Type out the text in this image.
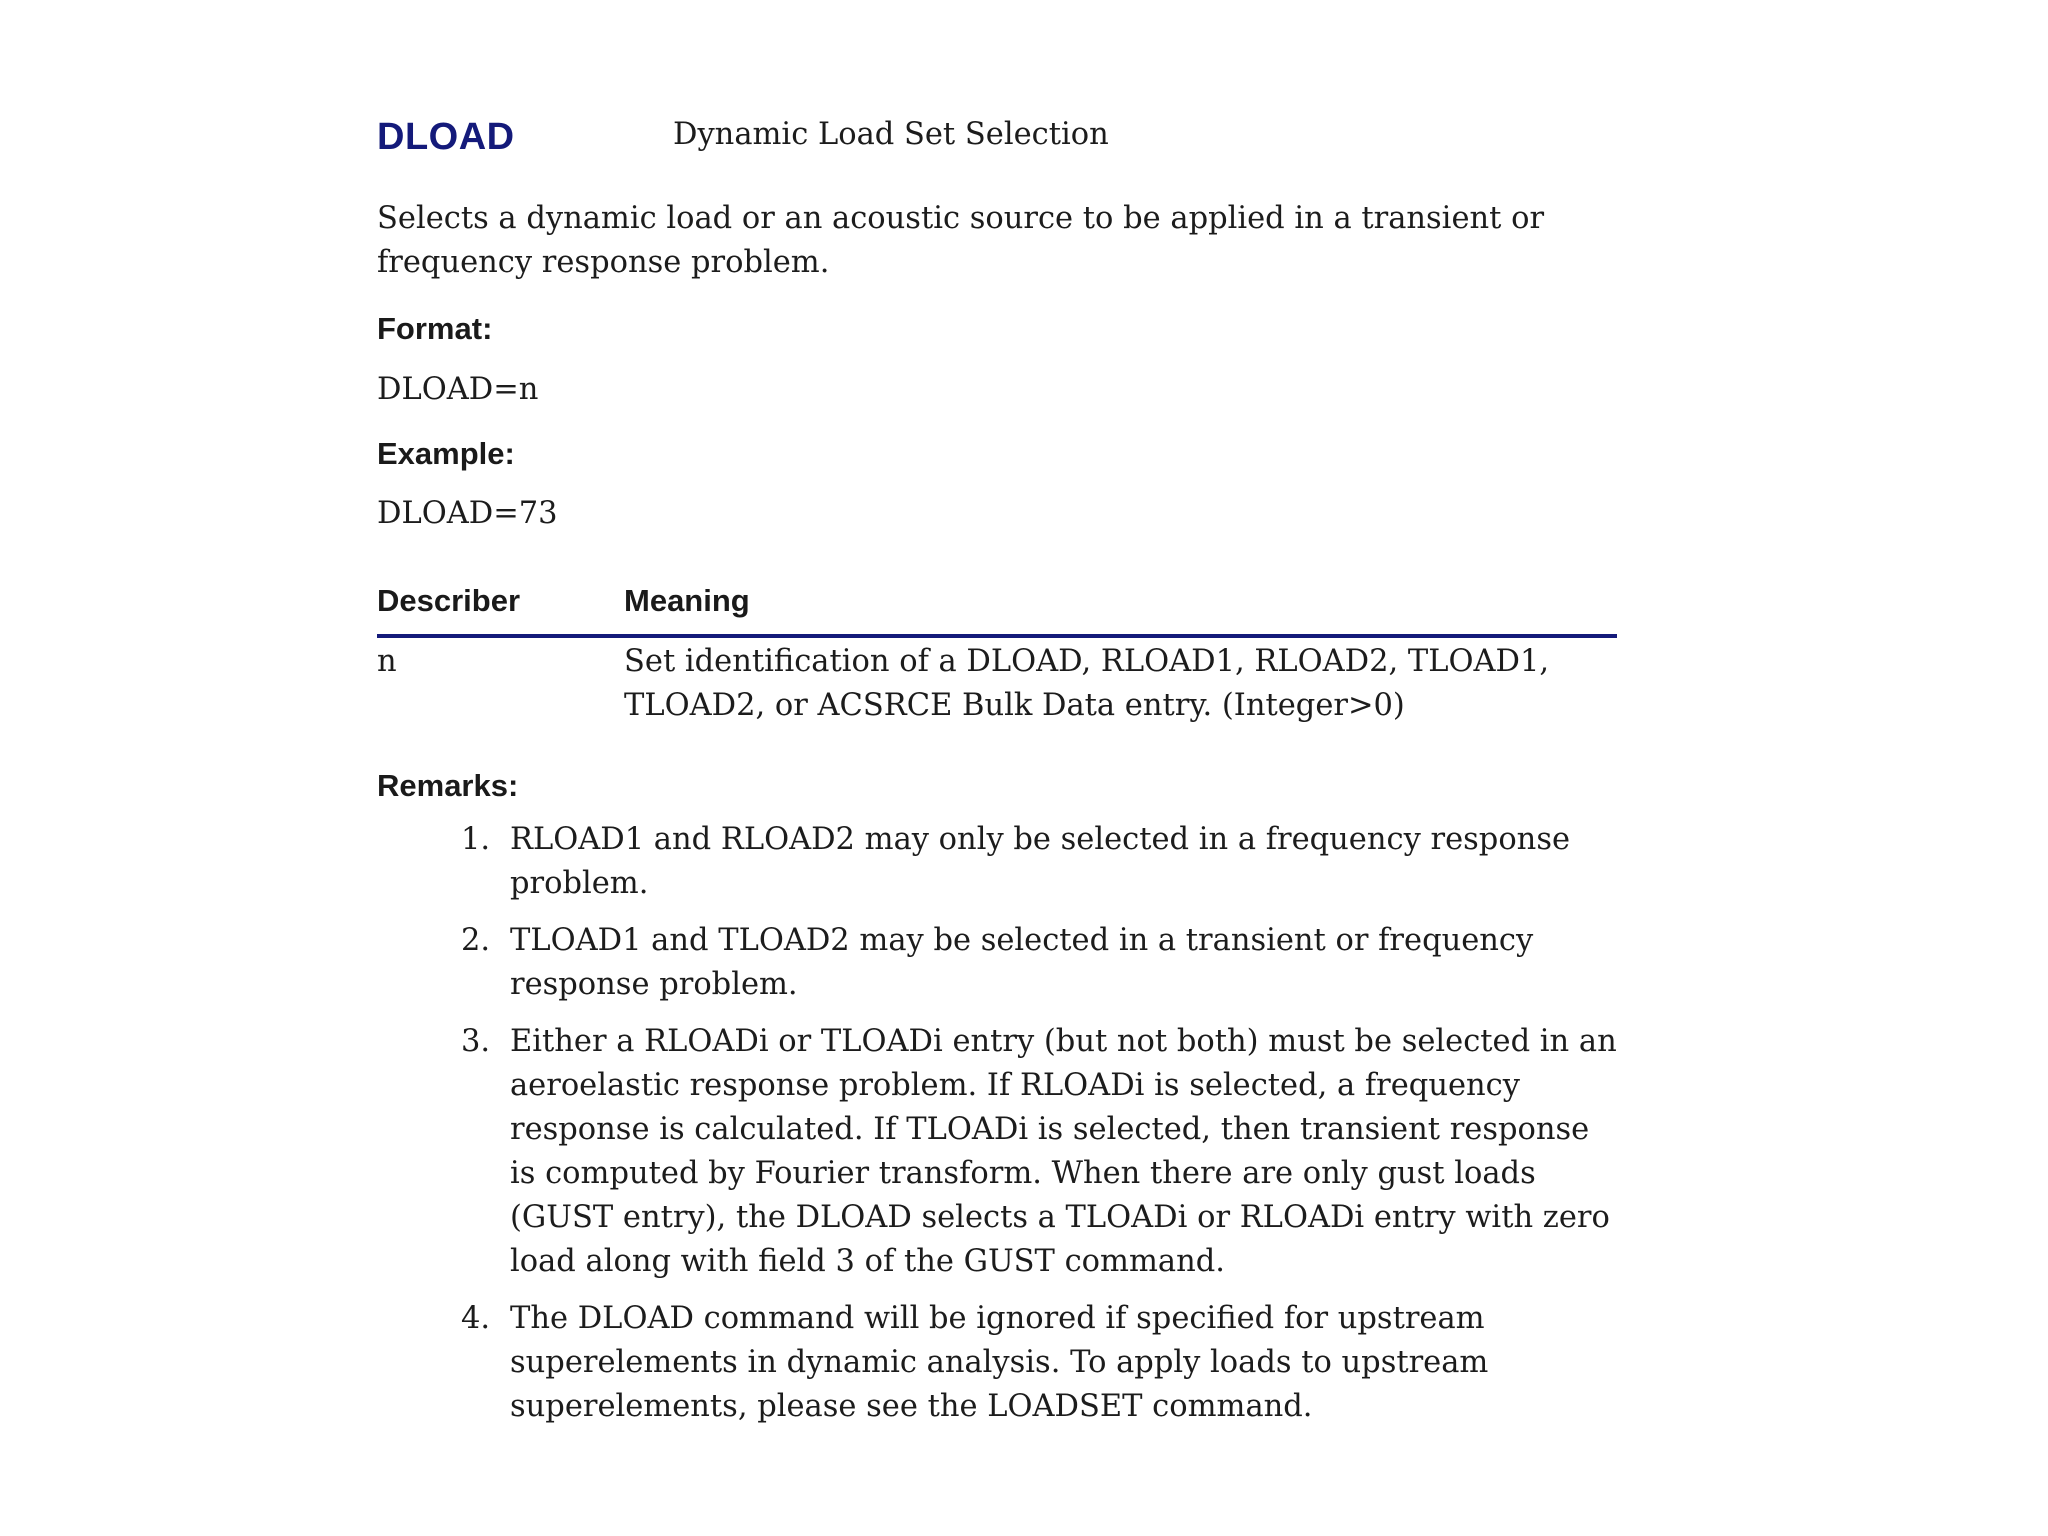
DLOAD	Dynamic Load Set Selection
Selects a dynamic load or an acoustic source to be applied in a transient or frequency response problem.
Format:
DLOAD=n
Example:
DLOAD=73
Describer	Meaning
n	Set identification of a DLOAD, RLOAD1, RLOAD2, TLOAD1, TLOAD2, or ACSRCE Bulk Data entry. (Integer>0)
Remarks:
1. RLOAD1 and RLOAD2 may only be selected in a frequency response problem.
2. TLOAD1 and TLOAD2 may be selected in a transient or frequency response problem.
3. Either a RLOADi or TLOADi entry (but not both) must be selected in an aeroelastic response problem. If RLOADi is selected, a frequency response is calculated. If TLOADi is selected, then transient response is computed by Fourier transform. When there are only gust loads (GUST entry), the DLOAD selects a TLOADi or RLOADi entry with zero load along with field 3 of the GUST command.
4. The DLOAD command will be ignored if specified for upstream superelements in dynamic analysis. To apply loads to upstream superelements, please see the LOADSET command.
